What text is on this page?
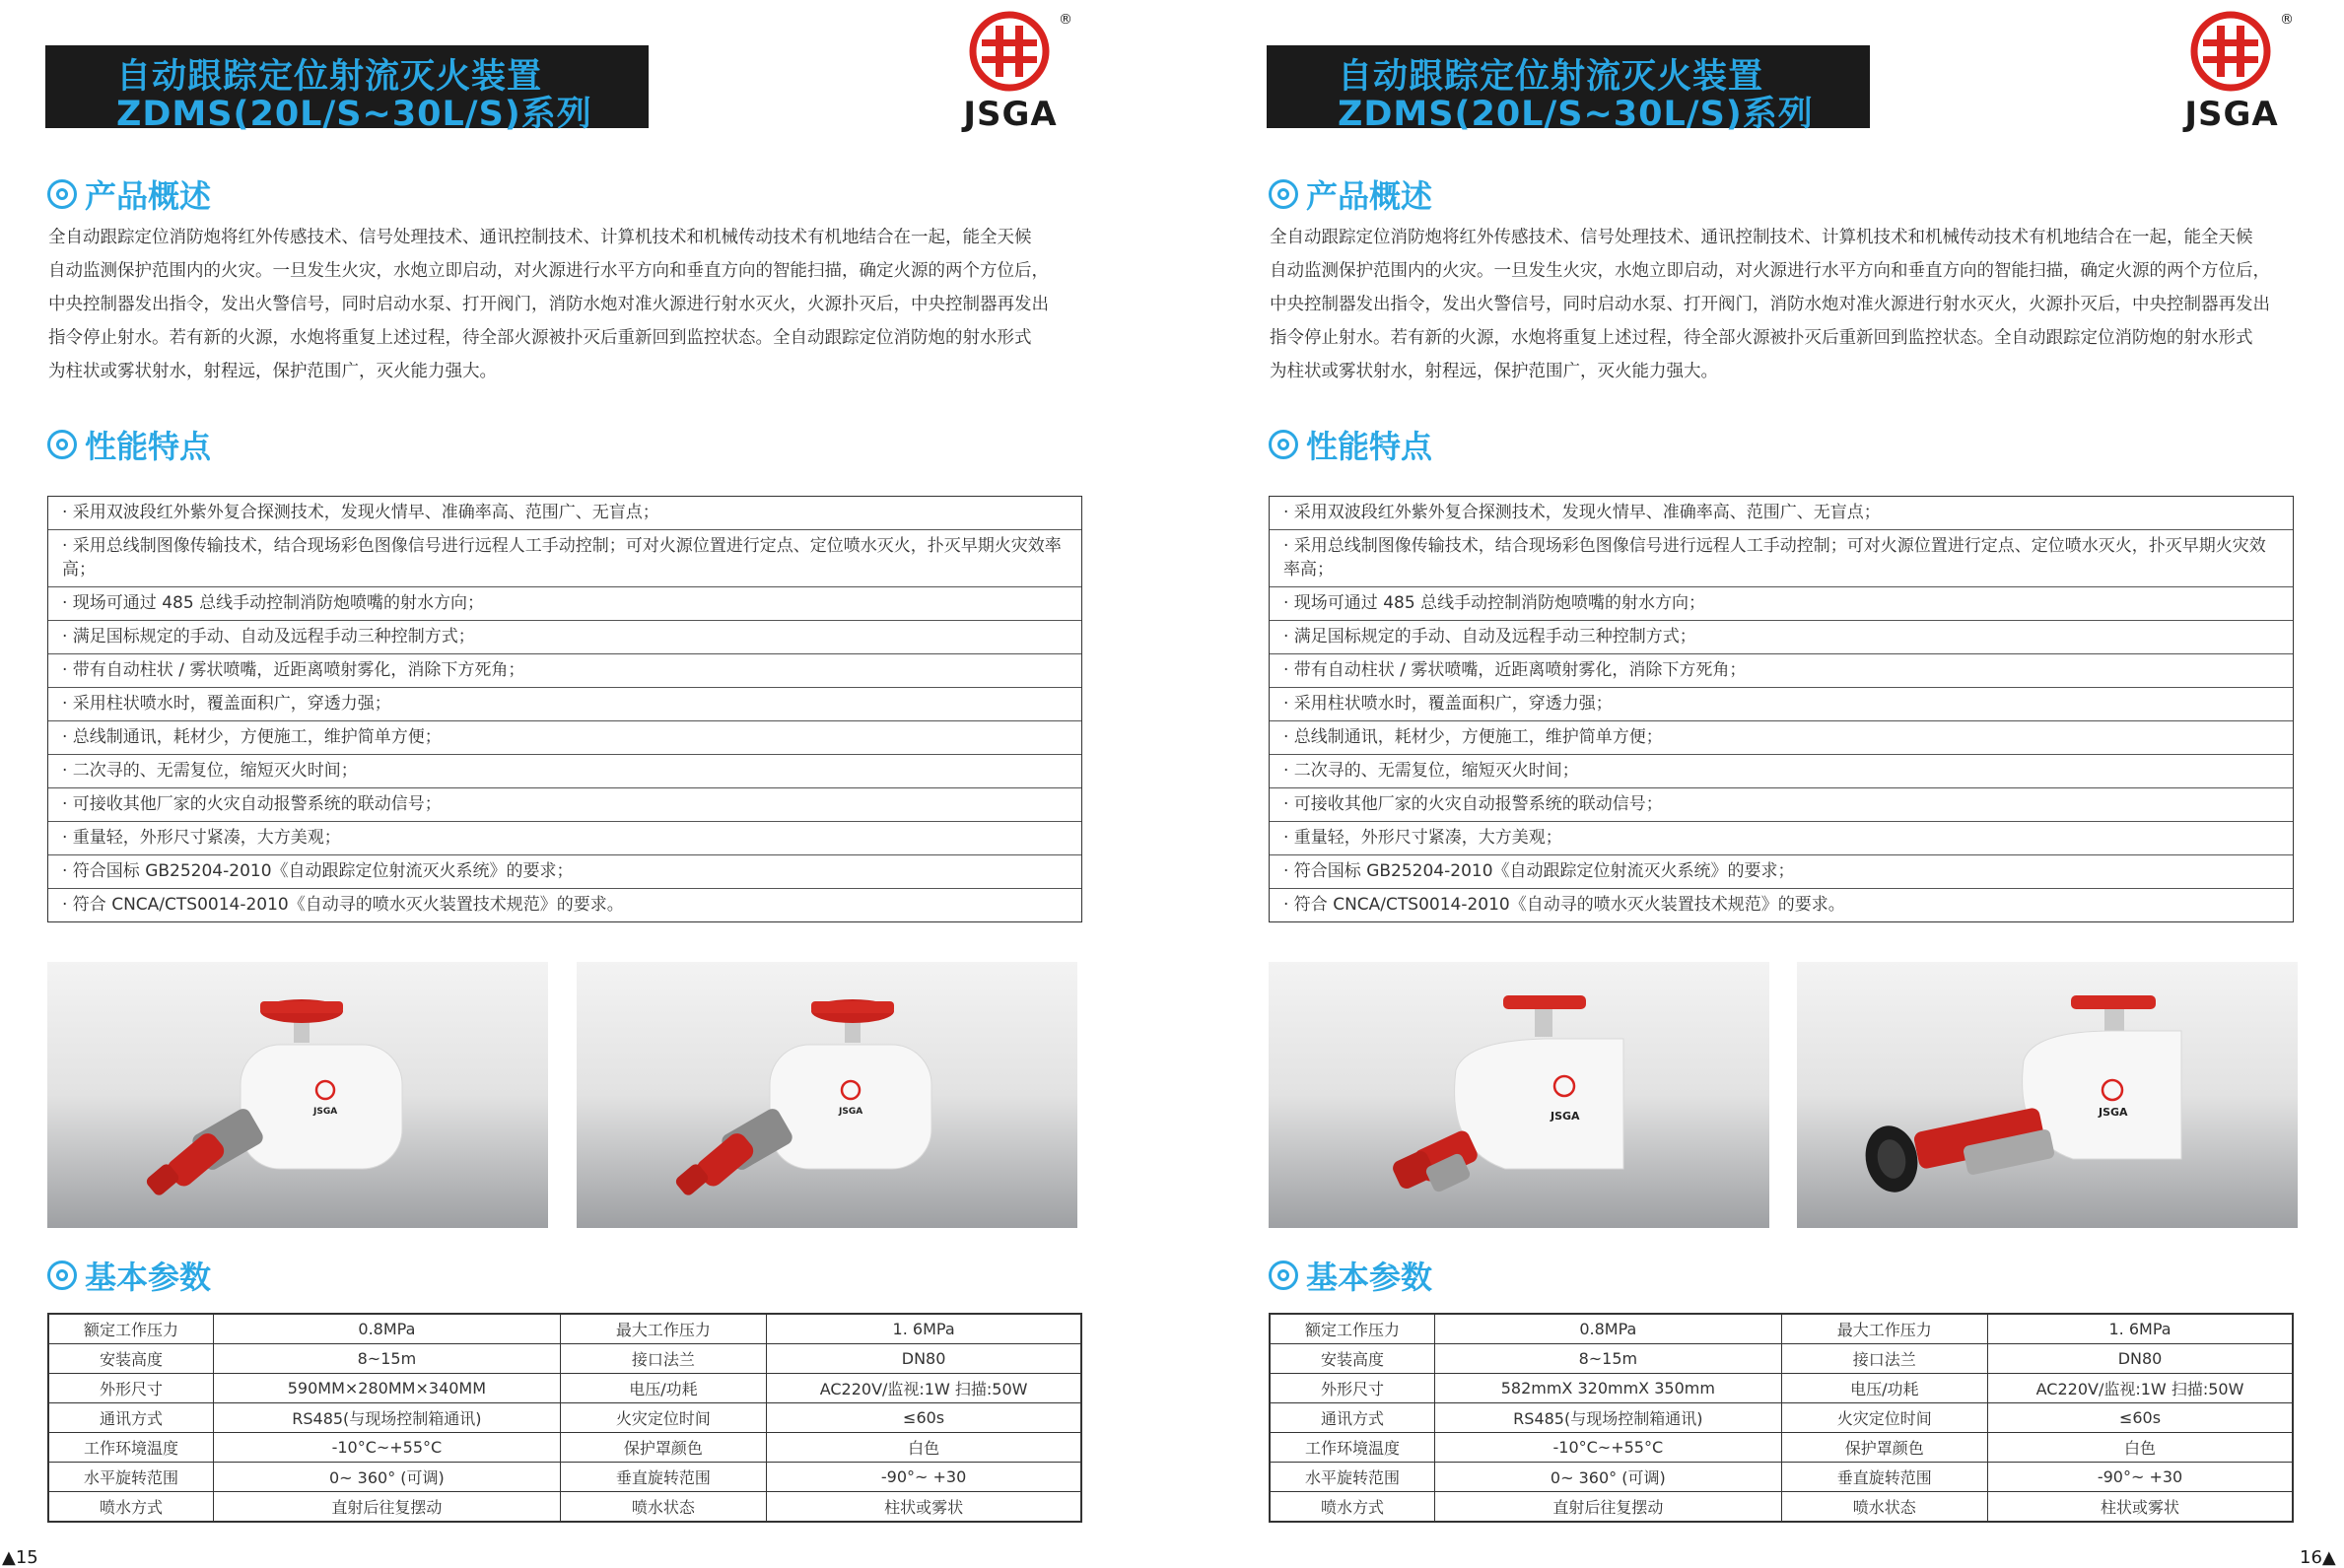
自动跟踪定位射流灭火装置
ZDMS(20L/S~30L/S)系列
®
JSGA
产品概述
全自动跟踪定位消防炮将红外传感技术、信号处理技术、通讯控制技术、计算机技术和机械传动技术有机地结合在一起，能全天候
自动监测保护范围内的火灾。一旦发生火灾，水炮立即启动，对火源进行水平方向和垂直方向的智能扫描，确定火源的两个方位后，
中央控制器发出指令，发出火警信号，同时启动水泵、打开阀门，消防水炮对准火源进行射水灭火，火源扑灭后，中央控制器再发出
指令停止射水。若有新的火源，水炮将重复上述过程，待全部火源被扑灭后重新回到监控状态。全自动跟踪定位消防炮的射水形式
为柱状或雾状射水，射程远，保护范围广，灭火能力强大。
性能特点
· 采用双波段红外紫外复合探测技术，发现火情早、准确率高、范围广、无盲点；
· 采用总线制图像传输技术，结合现场彩色图像信号进行远程人工手动控制；可对火源位置进行定点、定位喷水灭火，扑灭早期火灾效率高；
· 现场可通过 485 总线手动控制消防炮喷嘴的射水方向；
· 满足国标规定的手动、自动及远程手动三种控制方式；
· 带有自动柱状 / 雾状喷嘴，近距离喷射雾化，消除下方死角；
· 采用柱状喷水时，覆盖面积广，穿透力强；
· 总线制通讯，耗材少，方便施工，维护简单方便；
· 二次寻的、无需复位，缩短灭火时间；
· 可接收其他厂家的火灾自动报警系统的联动信号；
· 重量轻，外形尺寸紧凑，大方美观；
· 符合国标 GB25204-2010《自动跟踪定位射流灭火系统》的要求；
· 符合 CNCA/CTS0014-2010《自动寻的喷水灭火装置技术规范》的要求。
JSGA	JSGA
基本参数
额定工作压力	0.8MPa	最大工作压力	1. 6MPa
安装高度	8~15m	接口法兰	DN80
外形尺寸	590MM×280MM×340MM	电压/功耗	AC220V/监视:1W 扫描:50W
通讯方式	RS485(与现场控制箱通讯)	火灾定位时间	≤60s
工作环境温度	-10°C~+55°C	保护罩颜色	白色
水平旋转范围	0~ 360° (可调)	垂直旋转范围	-90°~ +30
喷水方式	直射后往复摆动	喷水状态	柱状或雾状
▲15
自动跟踪定位射流灭火装置
ZDMS(20L/S~30L/S)系列
®
JSGA
产品概述
全自动跟踪定位消防炮将红外传感技术、信号处理技术、通讯控制技术、计算机技术和机械传动技术有机地结合在一起，能全天候
自动监测保护范围内的火灾。一旦发生火灾，水炮立即启动，对火源进行水平方向和垂直方向的智能扫描，确定火源的两个方位后，
中央控制器发出指令，发出火警信号，同时启动水泵、打开阀门，消防水炮对准火源进行射水灭火，火源扑灭后，中央控制器再发出
指令停止射水。若有新的火源，水炮将重复上述过程，待全部火源被扑灭后重新回到监控状态。全自动跟踪定位消防炮的射水形式
为柱状或雾状射水，射程远，保护范围广，灭火能力强大。
性能特点
· 采用双波段红外紫外复合探测技术，发现火情早、准确率高、范围广、无盲点；
· 采用总线制图像传输技术，结合现场彩色图像信号进行远程人工手动控制；可对火源位置进行定点、定位喷水灭火，扑灭早期火灾效率高；
· 现场可通过 485 总线手动控制消防炮喷嘴的射水方向；
· 满足国标规定的手动、自动及远程手动三种控制方式；
· 带有自动柱状 / 雾状喷嘴，近距离喷射雾化，消除下方死角；
· 采用柱状喷水时，覆盖面积广，穿透力强；
· 总线制通讯，耗材少，方便施工，维护简单方便；
· 二次寻的、无需复位，缩短灭火时间；
· 可接收其他厂家的火灾自动报警系统的联动信号；
· 重量轻，外形尺寸紧凑，大方美观；
· 符合国标 GB25204-2010《自动跟踪定位射流灭火系统》的要求；
· 符合 CNCA/CTS0014-2010《自动寻的喷水灭火装置技术规范》的要求。
JSGA	JSGA
基本参数
额定工作压力	0.8MPa	最大工作压力	1. 6MPa
安装高度	8~15m	接口法兰	DN80
外形尺寸	582mmX 320mmX 350mm	电压/功耗	AC220V/监视:1W 扫描:50W
通讯方式	RS485(与现场控制箱通讯)	火灾定位时间	≤60s
工作环境温度	-10°C~+55°C	保护罩颜色	白色
水平旋转范围	0~ 360° (可调)	垂直旋转范围	-90°~ +30
喷水方式	直射后往复摆动	喷水状态	柱状或雾状
16▲
